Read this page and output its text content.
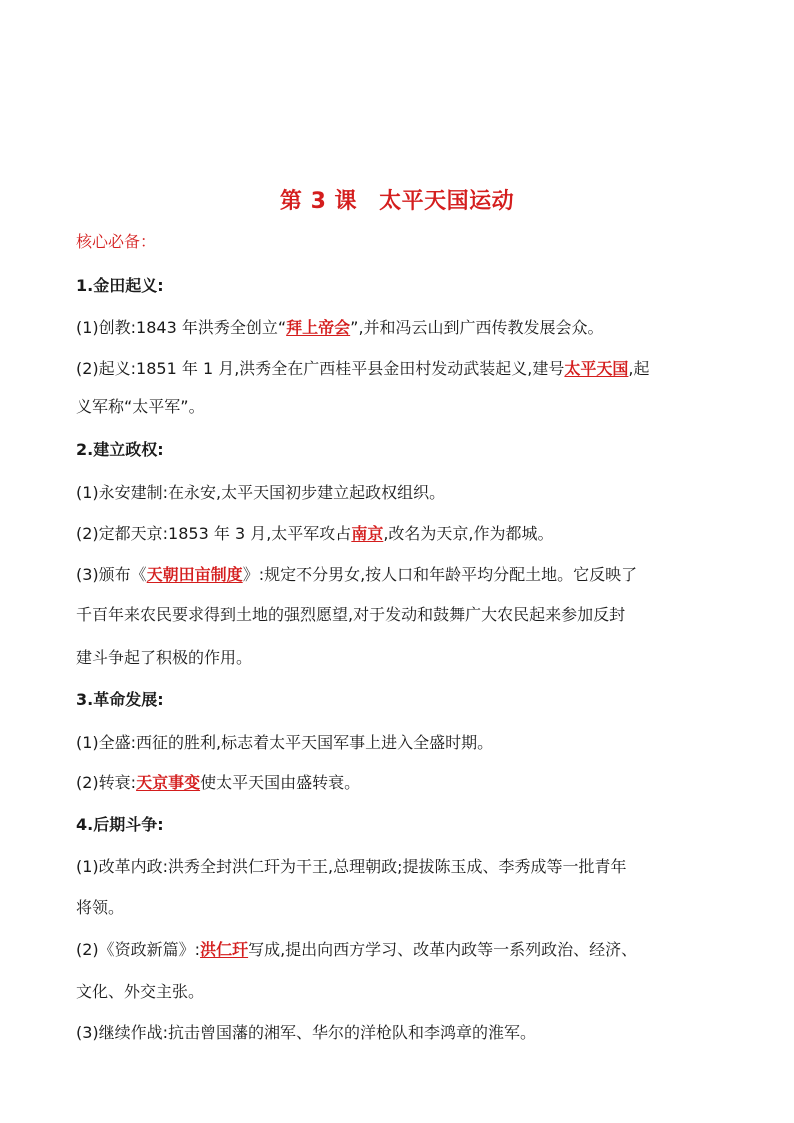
第 3 课 太平天国运动
核心必备：
1.金田起义:
(1)创教:1843 年洪秀全创立“拜上帝会”,并和冯云山到广西传教发展会众。
(2)起义:1851 年 1 月,洪秀全在广西桂平县金田村发动武装起义,建号太平天国,起
义军称“太平军”。
2.建立政权:
(1)永安建制:在永安,太平天国初步建立起政权组织。
(2)定都天京:1853 年 3 月,太平军攻占南京,改名为天京,作为都城。
(3)颁布《天朝田亩制度》:规定不分男女,按人口和年龄平均分配土地。它反映了
千百年来农民要求得到土地的强烈愿望,对于发动和鼓舞广大农民起来参加反封
建斗争起了积极的作用。
3.革命发展:
(1)全盛:西征的胜利,标志着太平天国军事上进入全盛时期。
(2)转衰:天京事变使太平天国由盛转衰。
4.后期斗争:
(1)改革内政:洪秀全封洪仁玕为干王,总理朝政;提拔陈玉成、李秀成等一批青年
将领。
(2)《资政新篇》:洪仁玕写成,提出向西方学习、改革内政等一系列政治、经济、
文化、外交主张。
(3)继续作战:抗击曾国藩的湘军、华尔的洋枪队和李鸿章的淮军。
